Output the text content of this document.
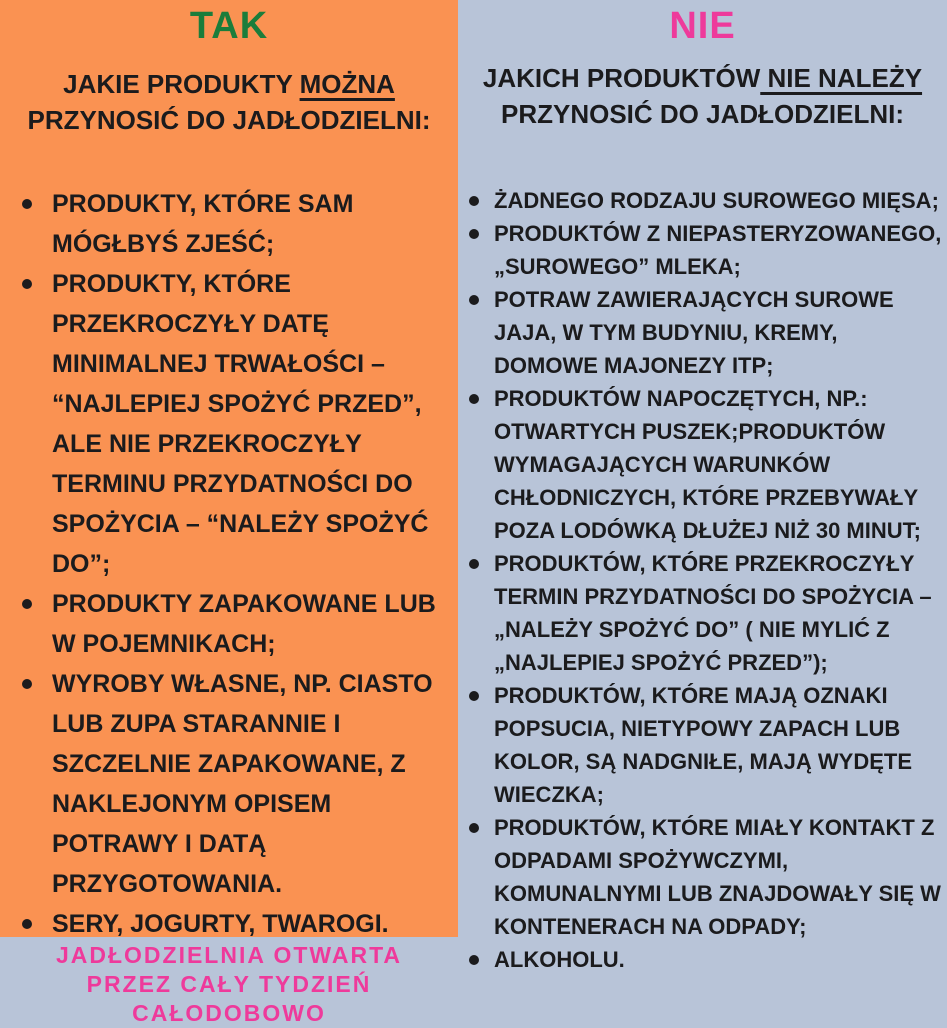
TAK
JAKIE PRODUKTY MOŻNA
PRZYNOSIĆ DO JADŁODZIELNI:
PRODUKTY, KTÓRE SAM MÓGŁBYŚ ZJEŚĆ;
PRODUKTY, KTÓRE PRZEKROCZYŁY DATĘ MINIMALNEJ TRWAŁOŚCI – “NAJLEPIEJ SPOŻYĆ PRZED”, ALE NIE PRZEKROCZYŁY TERMINU PRZYDATNOŚCI DO SPOŻYCIA – “NALEŻY SPOŻYĆ DO”;
PRODUKTY ZAPAKOWANE LUB W POJEMNIKACH;
WYROBY WŁASNE, NP. CIASTO LUB ZUPA STARANNIE I SZCZELNIE ZAPAKOWANE, Z NAKLEJONYM OPISEM POTRAWY I DATĄ PRZYGOTOWANIA.
SERY, JOGURTY, TWAROGI.
NIE
JAKICH PRODUKTÓW NIE NALEŻY
PRZYNOSIĆ DO JADŁODZIELNI:
ŻADNEGO RODZAJU SUROWEGO MIĘSA;
PRODUKTÓW Z NIEPASTERYZOWANEGO, „SUROWEGO” MLEKA;
POTRAW ZAWIERAJĄCYCH SUROWE JAJA, W TYM BUDYNIU, KREMY, DOMOWE MAJONEZY ITP;
PRODUKTÓW NAPOCZĘTYCH, NP.: OTWARTYCH PUSZEK;PRODUKTÓW WYMAGAJĄCYCH WARUNKÓW CHŁODNICZYCH, KTÓRE PRZEBYWAŁY POZA LODÓWKĄ DŁUŻEJ NIŻ 30 MINUT;
PRODUKTÓW, KTÓRE PRZEKROCZYŁY TERMIN PRZYDATNOŚCI DO SPOŻYCIA – „NALEŻY SPOŻYĆ DO” ( NIE MYLIĆ Z „NAJLEPIEJ SPOŻYĆ PRZED”);
PRODUKTÓW, KTÓRE MAJĄ OZNAKI POPSUCIA, NIETYPOWY ZAPACH LUB KOLOR, SĄ NADGNIŁE, MAJĄ WYDĘTE WIECZKA;
PRODUKTÓW, KTÓRE MIAŁY KONTAKT Z ODPADAMI SPOŻYWCZYMI, KOMUNALNYMI LUB ZNAJDOWAŁY SIĘ W KONTENERACH NA ODPADY;
ALKOHOLU.
JADŁODZIELNIA OTWARTA PRZEZ CAŁY TYDZIEŃ CAŁODOBOWO
